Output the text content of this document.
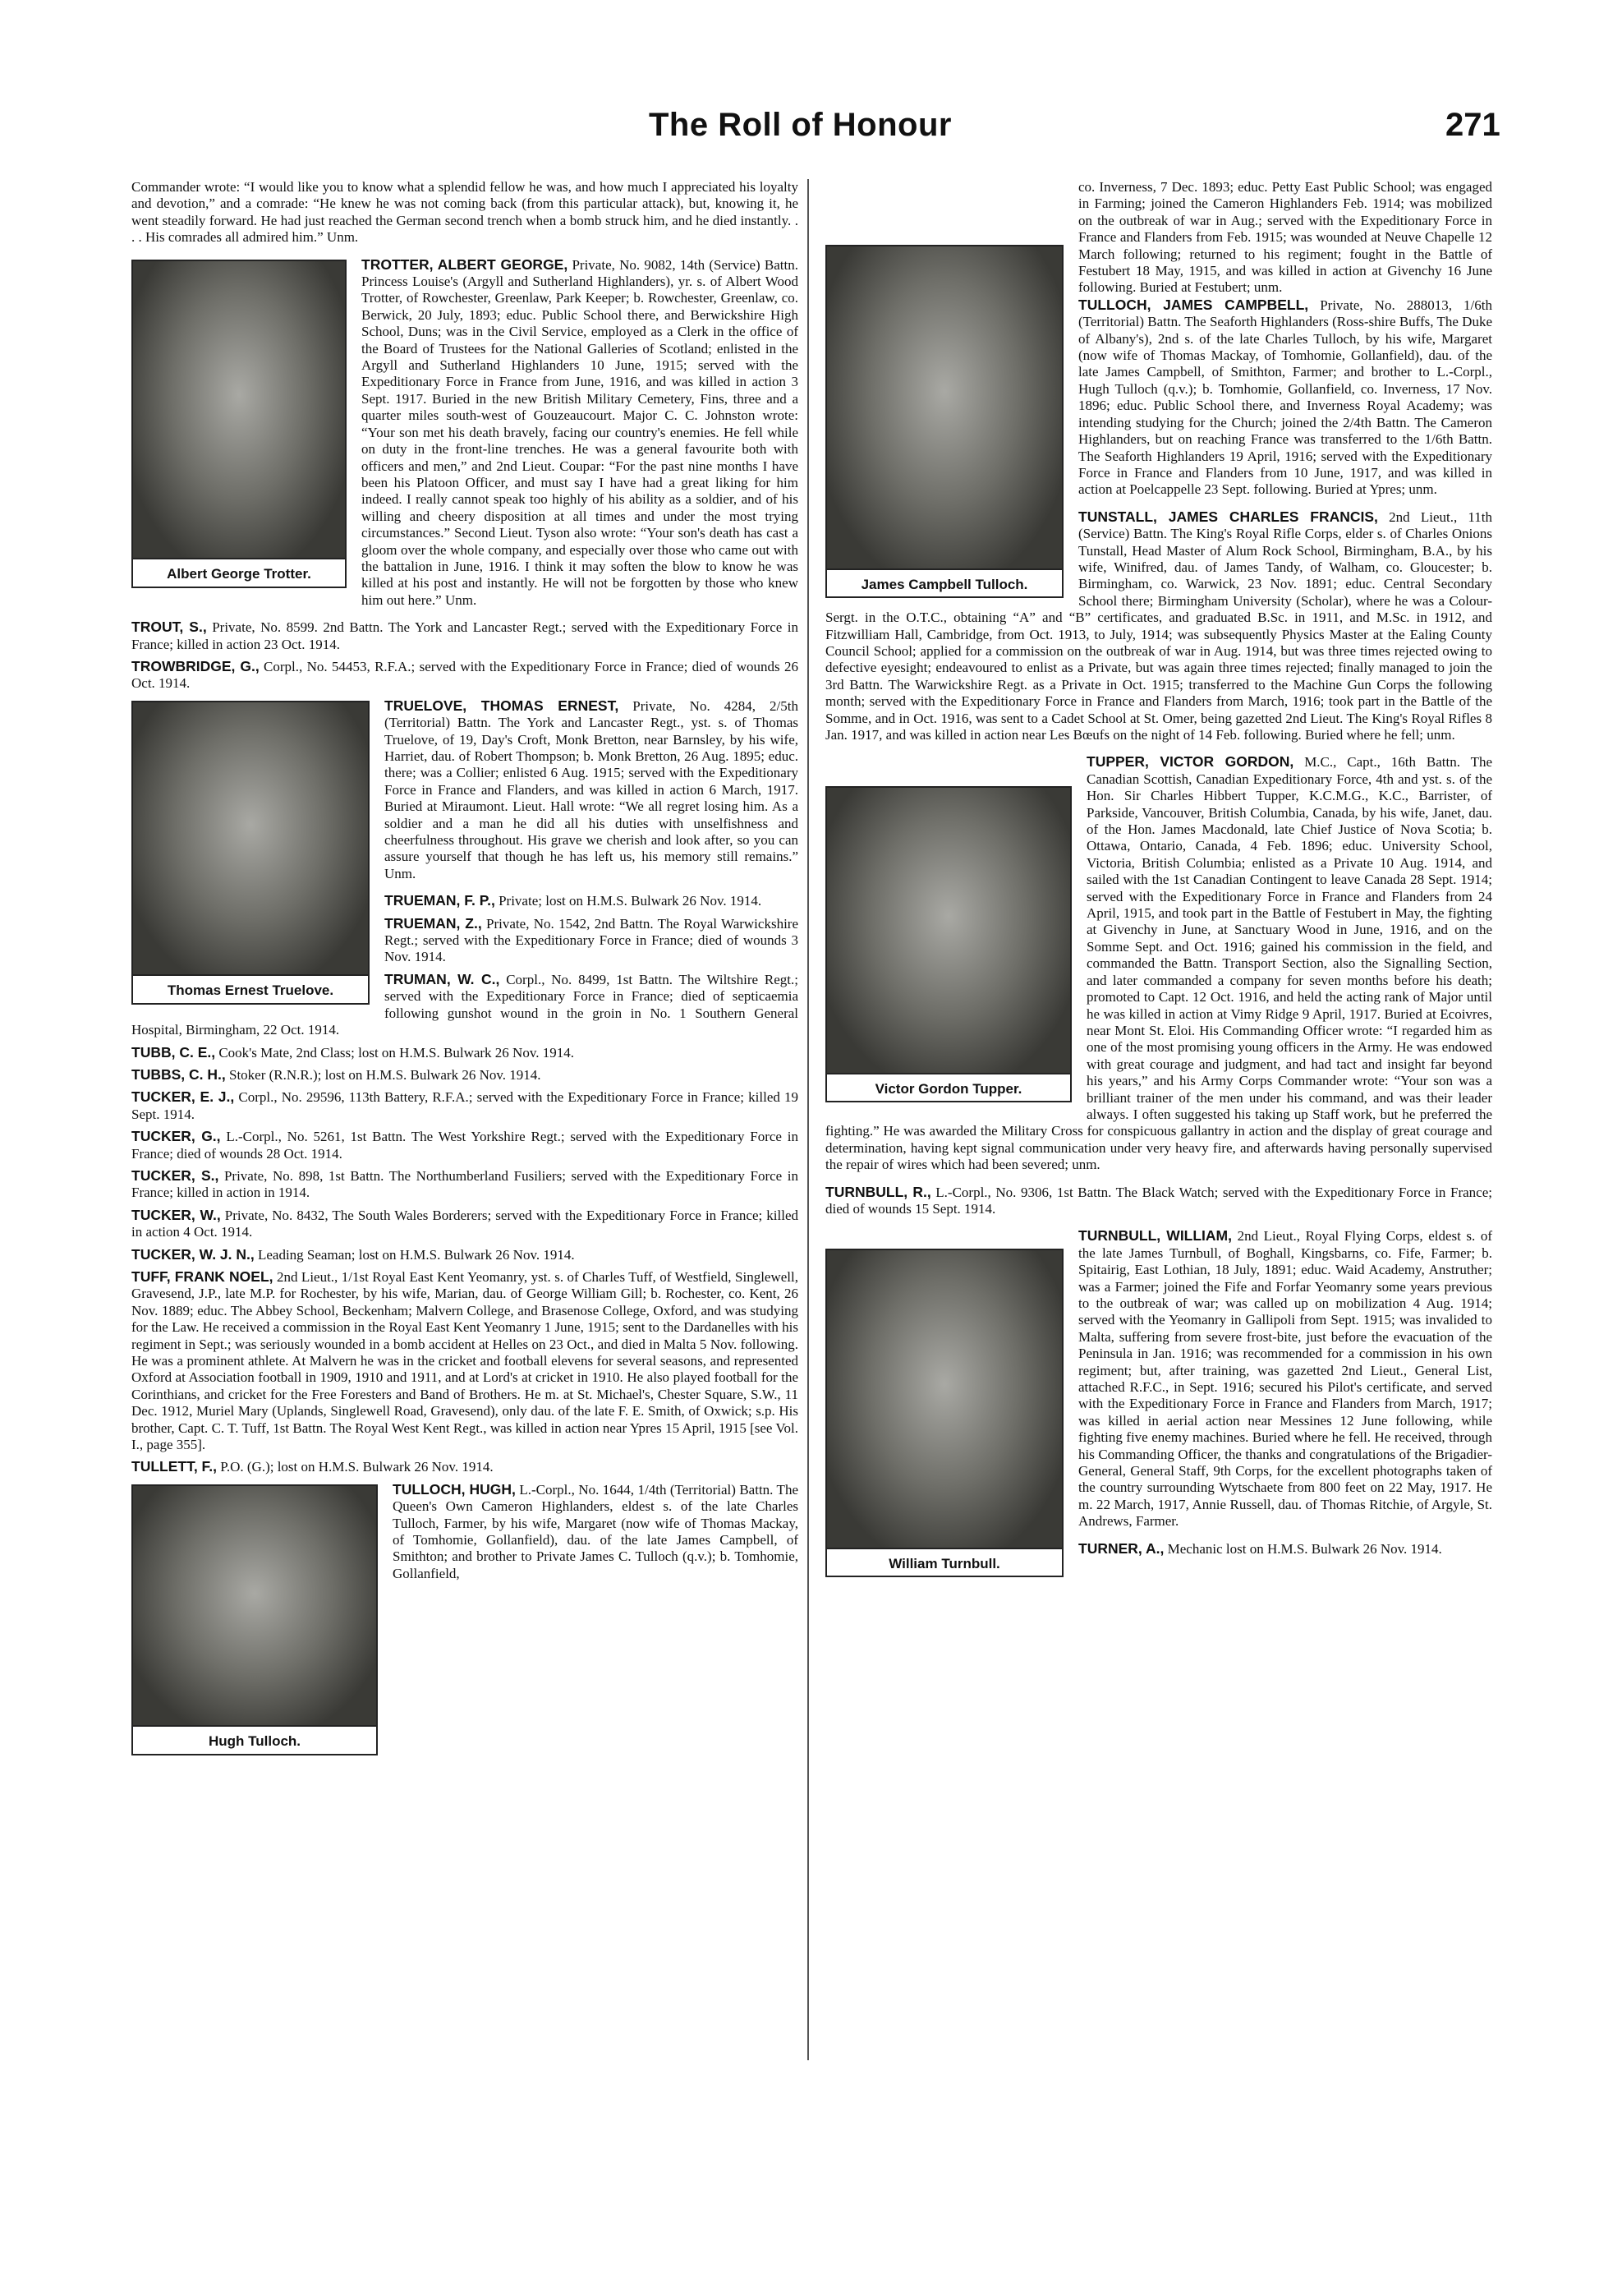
The Roll of Honour	271

Commander wrote: “I would like you to know what a splendid fellow he was, and how much I appreciated his loyalty and devotion,” and a comrade: “He knew he was not coming back (from this particular attack), but, knowing it, he went steadily forward. He had just reached the German second trench when a bomb struck him, and he died instantly. . . . His comrades all admired him.” Unm.

Albert George Trotter.
TROTTER, ALBERT GEORGE, Private, No. 9082, 14th (Service) Battn. Princess Louise's (Argyll and Sutherland Highlanders), yr. s. of Albert Wood Trotter, of Rowchester, Greenlaw, Park Keeper; b. Rowchester, Greenlaw, co. Berwick, 20 July, 1893; educ. Public School there, and Berwickshire High School, Duns; was in the Civil Service, employed as a Clerk in the office of the Board of Trustees for the National Galleries of Scotland; enlisted in the Argyll and Sutherland Highlanders 10 June, 1915; served with the Expeditionary Force in France from June, 1916, and was killed in action 3 Sept. 1917. Buried in the new British Military Cemetery, Fins, three and a quarter miles south-west of Gouzeaucourt. Major C. C. Johnston wrote: “Your son met his death bravely, facing our country's enemies. He fell while on duty in the front-line trenches. He was a general favourite both with officers and men,” and 2nd Lieut. Coupar: “For the past nine months I have been his Platoon Officer, and must say I have had a great liking for him indeed. I really cannot speak too highly of his ability as a soldier, and of his willing and cheery disposition at all times and under the most trying circumstances.” Second Lieut. Tyson also wrote: “Your son's death has cast a gloom over the whole company, and especially over those who came out with the battalion in June, 1916. I think it may soften the blow to know he was killed at his post and instantly. He will not be forgotten by those who knew him out here.” Unm.

TROUT, S., Private, No. 8599. 2nd Battn. The York and Lancaster Regt.; served with the Expeditionary Force in France; killed in action 23 Oct. 1914.

TROWBRIDGE, G., Corpl., No. 54453, R.F.A.; served with the Expeditionary Force in France; died of wounds 26 Oct. 1914.

Thomas Ernest Truelove.
TRUELOVE, THOMAS ERNEST, Private, No. 4284, 2/5th (Territorial) Battn. The York and Lancaster Regt., yst. s. of Thomas Truelove, of 19, Day's Croft, Monk Bretton, near Barnsley, by his wife, Harriet, dau. of Robert Thompson; b. Monk Bretton, 26 Aug. 1895; educ. there; was a Collier; enlisted 6 Aug. 1915; served with the Expeditionary Force in France and Flanders, and was killed in action 6 March, 1917. Buried at Miraumont. Lieut. Hall wrote: “We all regret losing him. As a soldier and a man he did all his duties with unselfishness and cheerfulness throughout. His grave we cherish and look after, so you can assure yourself that though he has left us, his memory still remains.” Unm.

TRUEMAN, F. P., Private; lost on H.M.S. Bulwark 26 Nov. 1914.

TRUEMAN, Z., Private, No. 1542, 2nd Battn. The Royal Warwickshire Regt.; served with the Expeditionary Force in France; died of wounds 3 Nov. 1914.

TRUMAN, W. C., Corpl., No. 8499, 1st Battn. The Wiltshire Regt.; served with the Expeditionary Force in France; died of septicaemia following gunshot wound in the groin in No. 1 Southern General Hospital, Birmingham, 22 Oct. 1914.

TUBB, C. E., Cook's Mate, 2nd Class; lost on H.M.S. Bulwark 26 Nov. 1914.

TUBBS, C. H., Stoker (R.N.R.); lost on H.M.S. Bulwark 26 Nov. 1914.

TUCKER, E. J., Corpl., No. 29596, 113th Battery, R.F.A.; served with the Expeditionary Force in France; killed 19 Sept. 1914.

TUCKER, G., L.-Corpl., No. 5261, 1st Battn. The West Yorkshire Regt.; served with the Expeditionary Force in France; died of wounds 28 Oct. 1914.

TUCKER, S., Private, No. 898, 1st Battn. The Northumberland Fusiliers; served with the Expeditionary Force in France; killed in action in 1914.

TUCKER, W., Private, No. 8432, The South Wales Borderers; served with the Expeditionary Force in France; killed in action 4 Oct. 1914.

TUCKER, W. J. N., Leading Seaman; lost on H.M.S. Bulwark 26 Nov. 1914.

TUFF, FRANK NOEL, 2nd Lieut., 1/1st Royal East Kent Yeomanry, yst. s. of Charles Tuff, of Westfield, Singlewell, Gravesend, J.P., late M.P. for Rochester, by his wife, Marian, dau. of George William Gill; b. Rochester, co. Kent, 26 Nov. 1889; educ. The Abbey School, Beckenham; Malvern College, and Brasenose College, Oxford, and was studying for the Law. He received a commission in the Royal East Kent Yeomanry 1 June, 1915; sent to the Dardanelles with his regiment in Sept.; was seriously wounded in a bomb accident at Helles on 23 Oct., and died in Malta 5 Nov. following. He was a prominent athlete. At Malvern he was in the cricket and football elevens for several seasons, and represented Oxford at Association football in 1909, 1910 and 1911, and at Lord's at cricket in 1910. He also played football for the Corinthians, and cricket for the Free Foresters and Band of Brothers. He m. at St. Michael's, Chester Square, S.W., 11 Dec. 1912, Muriel Mary (Uplands, Singlewell Road, Gravesend), only dau. of the late F. E. Smith, of Oxwick; s.p. His brother, Capt. C. T. Tuff, 1st Battn. The Royal West Kent Regt., was killed in action near Ypres 15 April, 1915 [see Vol. I., page 355].

TULLETT, F., P.O. (G.); lost on H.M.S. Bulwark 26 Nov. 1914.

Hugh Tulloch.
TULLOCH, HUGH, L.-Corpl., No. 1644, 1/4th (Territorial) Battn. The Queen's Own Cameron Highlanders, eldest s. of the late Charles Tulloch, Farmer, by his wife, Margaret (now wife of Thomas Mackay, of Tomhomie, Gollanfield), dau. of the late James Campbell, of Smithton; and brother to Private James C. Tulloch (q.v.); b. Tomhomie, Gollanfield,

James Campbell Tulloch.
co. Inverness, 7 Dec. 1893; educ. Petty East Public School; was engaged in Farming; joined the Cameron Highlanders Feb. 1914; was mobilized on the outbreak of war in Aug.; served with the Expeditionary Force in France and Flanders from Feb. 1915; was wounded at Neuve Chapelle 12 March following; returned to his regiment; fought in the Battle of Festubert 18 May, 1915, and was killed in action at Givenchy 16 June following. Buried at Festubert; unm.
TULLOCH, JAMES CAMPBELL, Private, No. 288013, 1/6th (Territorial) Battn. The Seaforth Highlanders (Ross-shire Buffs, The Duke of Albany's), 2nd s. of the late Charles Tulloch, by his wife, Margaret (now wife of Thomas Mackay, of Tomhomie, Gollanfield), dau. of the late James Campbell, of Smithton, Farmer; and brother to L.-Corpl., Hugh Tulloch (q.v.); b. Tomhomie, Gollanfield, co. Inverness, 17 Nov. 1896; educ. Public School there, and Inverness Royal Academy; was intending studying for the Church; joined the 2/4th Battn. The Cameron Highlanders, but on reaching France was transferred to the 1/6th Battn. The Seaforth Highlanders 19 April, 1916; served with the Expeditionary Force in France and Flanders from 10 June, 1917, and was killed in action at Poelcappelle 23 Sept. following. Buried at Ypres; unm.

TUNSTALL, JAMES CHARLES FRANCIS, 2nd Lieut., 11th (Service) Battn. The King's Royal Rifle Corps, elder s. of Charles Onions Tunstall, Head Master of Alum Rock School, Birmingham, B.A., by his wife, Winifred, dau. of James Tandy, of Walham, co. Gloucester; b. Birmingham, co. Warwick, 23 Nov. 1891; educ. Central Secondary School there; Birmingham University (Scholar), where he was a Colour-Sergt. in the O.T.C., obtaining “A” and “B” certificates, and graduated B.Sc. in 1911, and M.Sc. in 1912, and Fitzwilliam Hall, Cambridge, from Oct. 1913, to July, 1914; was subsequently Physics Master at the Ealing County Council School; applied for a commission on the outbreak of war in Aug. 1914, but was three times rejected owing to defective eyesight; endeavoured to enlist as a Private, but was again three times rejected; finally managed to join the 3rd Battn. The Warwickshire Regt. as a Private in Oct. 1915; transferred to the Machine Gun Corps the following month; served with the Expeditionary Force in France and Flanders from March, 1916; took part in the Battle of the Somme, and in Oct. 1916, was sent to a Cadet School at St. Omer, being gazetted 2nd Lieut. The King's Royal Rifles 8 Jan. 1917, and was killed in action near Les Bœufs on the night of 14 Feb. following. Buried where he fell; unm.

Victor Gordon Tupper.
TUPPER, VICTOR GORDON, M.C., Capt., 16th Battn. The Canadian Scottish, Canadian Expeditionary Force, 4th and yst. s. of the Hon. Sir Charles Hibbert Tupper, K.C.M.G., K.C., Barrister, of Parkside, Vancouver, British Columbia, Canada, by his wife, Janet, dau. of the Hon. James Macdonald, late Chief Justice of Nova Scotia; b. Ottawa, Ontario, Canada, 4 Feb. 1896; educ. University School, Victoria, British Columbia; enlisted as a Private 10 Aug. 1914, and sailed with the 1st Canadian Contingent to leave Canada 28 Sept. 1914; served with the Expeditionary Force in France and Flanders from 24 April, 1915, and took part in the Battle of Festubert in May, the fighting at Givenchy in June, at Sanctuary Wood in June, 1916, and on the Somme Sept. and Oct. 1916; gained his commission in the field, and commanded the Battn. Transport Section, also the Signalling Section, and later commanded a company for seven months before his death; promoted to Capt. 12 Oct. 1916, and held the acting rank of Major until he was killed in action at Vimy Ridge 9 April, 1917. Buried at Ecoivres, near Mont St. Eloi. His Commanding Officer wrote: “I regarded him as one of the most promising young officers in the Army. He was endowed with great courage and judgment, and had tact and insight far beyond his years,” and his Army Corps Commander wrote: “Your son was a brilliant trainer of the men under his command, and was their leader always. I often suggested his taking up Staff work, but he preferred the fighting.” He was awarded the Military Cross for conspicuous gallantry in action and the display of great courage and determination, having kept signal communication under very heavy fire, and afterwards having personally supervised the repair of wires which had been severed; unm.

TURNBULL, R., L.-Corpl., No. 9306, 1st Battn. The Black Watch; served with the Expeditionary Force in France; died of wounds 15 Sept. 1914.

William Turnbull.
TURNBULL, WILLIAM, 2nd Lieut., Royal Flying Corps, eldest s. of the late James Turnbull, of Boghall, Kingsbarns, co. Fife, Farmer; b. Spitairig, East Lothian, 18 July, 1891; educ. Waid Academy, Anstruther; was a Farmer; joined the Fife and Forfar Yeomanry some years previous to the outbreak of war; was called up on mobilization 4 Aug. 1914; served with the Yeomanry in Gallipoli from Sept. 1915; was invalided to Malta, suffering from severe frost-bite, just before the evacuation of the Peninsula in Jan. 1916; was recommended for a commission in his own regiment; but, after training, was gazetted 2nd Lieut., General List, attached R.F.C., in Sept. 1916; secured his Pilot's certificate, and served with the Expeditionary Force in France and Flanders from March, 1917; was killed in aerial action near Messines 12 June following, while fighting five enemy machines. Buried where he fell. He received, through his Commanding Officer, the thanks and congratulations of the Brigadier-General, General Staff, 9th Corps, for the excellent photographs taken of the country surrounding Wytschaete from 800 feet on 22 May, 1917. He m. 22 March, 1917, Annie Russell, dau. of Thomas Ritchie, of Argyle, St. Andrews, Farmer.

TURNER, A., Mechanic lost on H.M.S. Bulwark 26 Nov. 1914.
